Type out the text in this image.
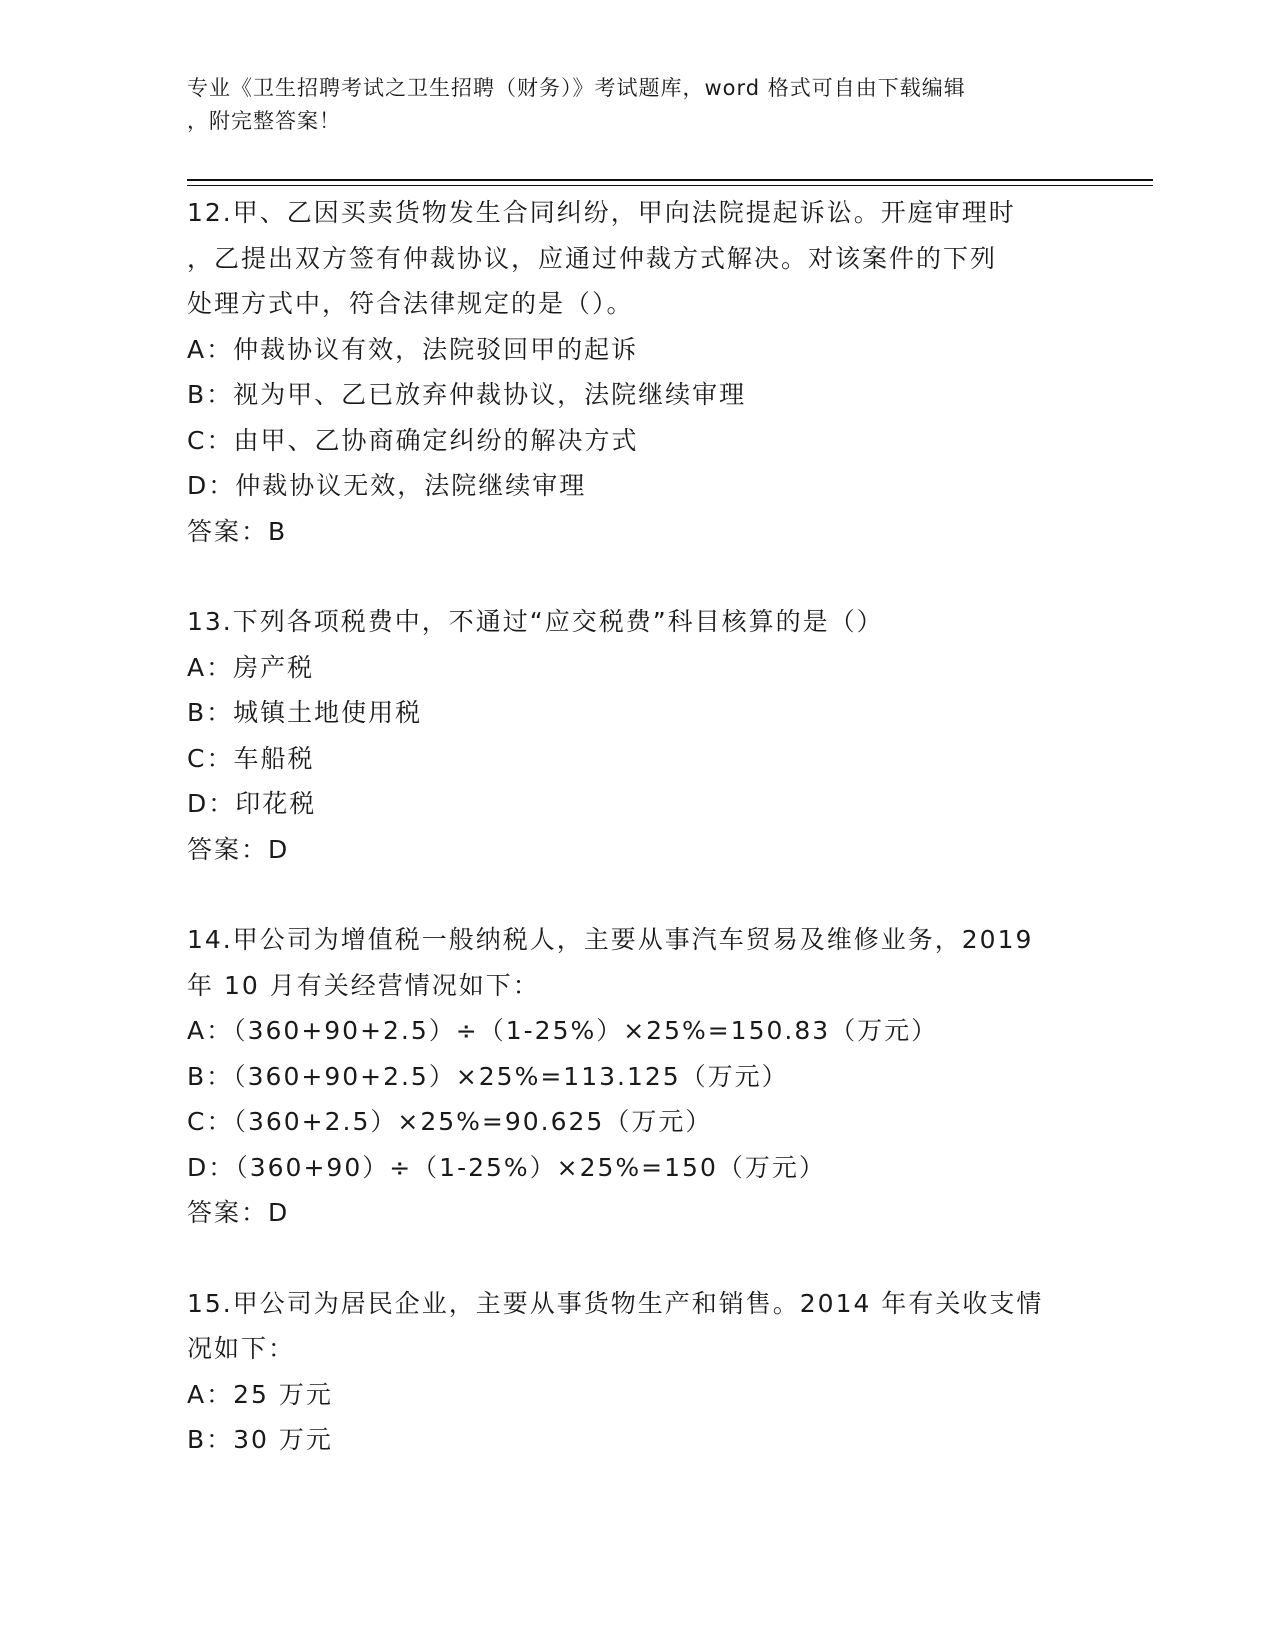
专业《卫生招聘考试之卫生招聘（财务）》考试题库，word 格式可自由下载编辑
，附完整答案！
12.甲、乙因买卖货物发生合同纠纷，甲向法院提起诉讼。开庭审理时
，乙提出双方签有仲裁协议，应通过仲裁方式解决。对该案件的下列
处理方式中，符合法律规定的是（）。
A：仲裁协议有效，法院驳回甲的起诉
B：视为甲、乙已放弃仲裁协议，法院继续审理
C：由甲、乙协商确定纠纷的解决方式
D：仲裁协议无效，法院继续审理
答案：B
13.下列各项税费中，不通过“应交税费”科目核算的是（）
A：房产税
B：城镇土地使用税
C：车船税
D：印花税
答案：D
14.甲公司为增值税一般纳税人，主要从事汽车贸易及维修业务，2019
年 10 月有关经营情况如下：
A：（360+90+2.5）÷（1-25%）×25%=150.83（万元）
B：（360+90+2.5）×25%=113.125（万元）
C：（360+2.5）×25%=90.625（万元）
D：（360+90）÷（1-25%）×25%=150（万元）
答案：D
15.甲公司为居民企业，主要从事货物生产和销售。2014 年有关收支情
况如下：
A：25 万元
B：30 万元
